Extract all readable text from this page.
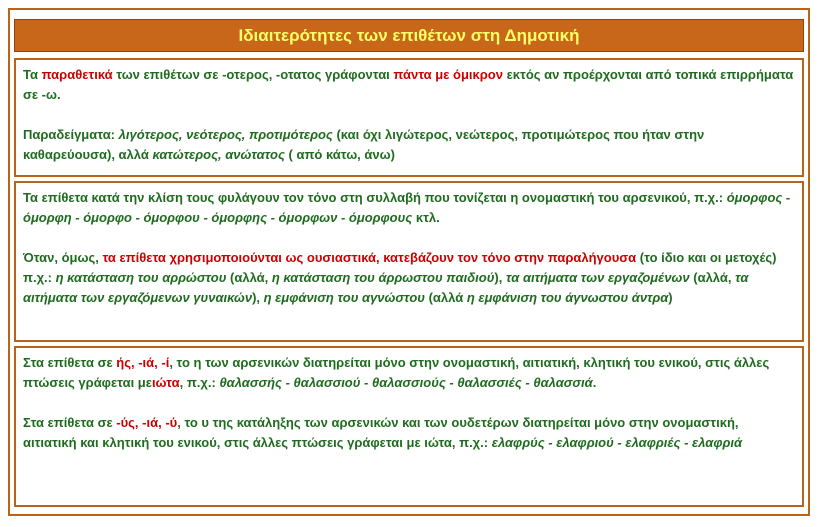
Ιδιαιτερότητες των επιθέτων στη Δημοτική

Τα παραθετικά των επιθέτων σε -οτερος, -οτατος γράφονται πάντα με όμικρον εκτός αν προέρχονται από τοπικά επιρρήματα σε -ω.

Παραδείγματα: λιγότερος, νεότερος, προτιμότερος (και όχι λιγώτερος, νεώτερος, προτιμώτερος που ήταν στην καθαρεύουσα), αλλά κατώτερος, ανώτατος ( από κάτω, άνω)

Τα επίθετα κατά την κλίση τους φυλάγουν τον τόνο στη συλλαβή που τονίζεται η ονομαστική του αρσενικού, π.χ.: όμορφος - όμορφη - όμορφο - όμορφου - όμορφης - όμορφων - όμορφους κτλ.

Όταν, όμως, τα επίθετα χρησιμοποιούνται ως ουσιαστικά, κατεβάζουν τον τόνο στην παραλήγουσα (το ίδιο και οι μετοχές) π.χ.: η κατάσταση του αρρώστου (αλλά, η κατάσταση του άρρωστου παιδιού), τα αιτήματα των εργαζομένων (αλλά, τα αιτήματα των εργαζόμενων γυναικών), η εμφάνιση του αγνώστου (αλλά η εμφάνιση του άγνωστου άντρα)

Στα επίθετα σε ής, -ιά, -ί, το η των αρσενικών διατηρείται μόνο στην ονομαστική, αιτιατική, κλητική του ενικού, στις άλλες πτώσεις γράφεται μειώτα, π.χ.: θαλασσής - θαλασσιού - θαλασσιούς - θαλασσιές - θαλασσιά.

Στα επίθετα σε -ύς, -ιά, -ύ, το υ της κατάληξης των αρσενικών και των ουδετέρων διατηρείται μόνο στην ονομαστική, αιτιατική και κλητική του ενικού, στις άλλες πτώσεις γράφεται με ιώτα, π.χ.: ελαφρύς - ελαφριού - ελαφριές - ελαφριά
